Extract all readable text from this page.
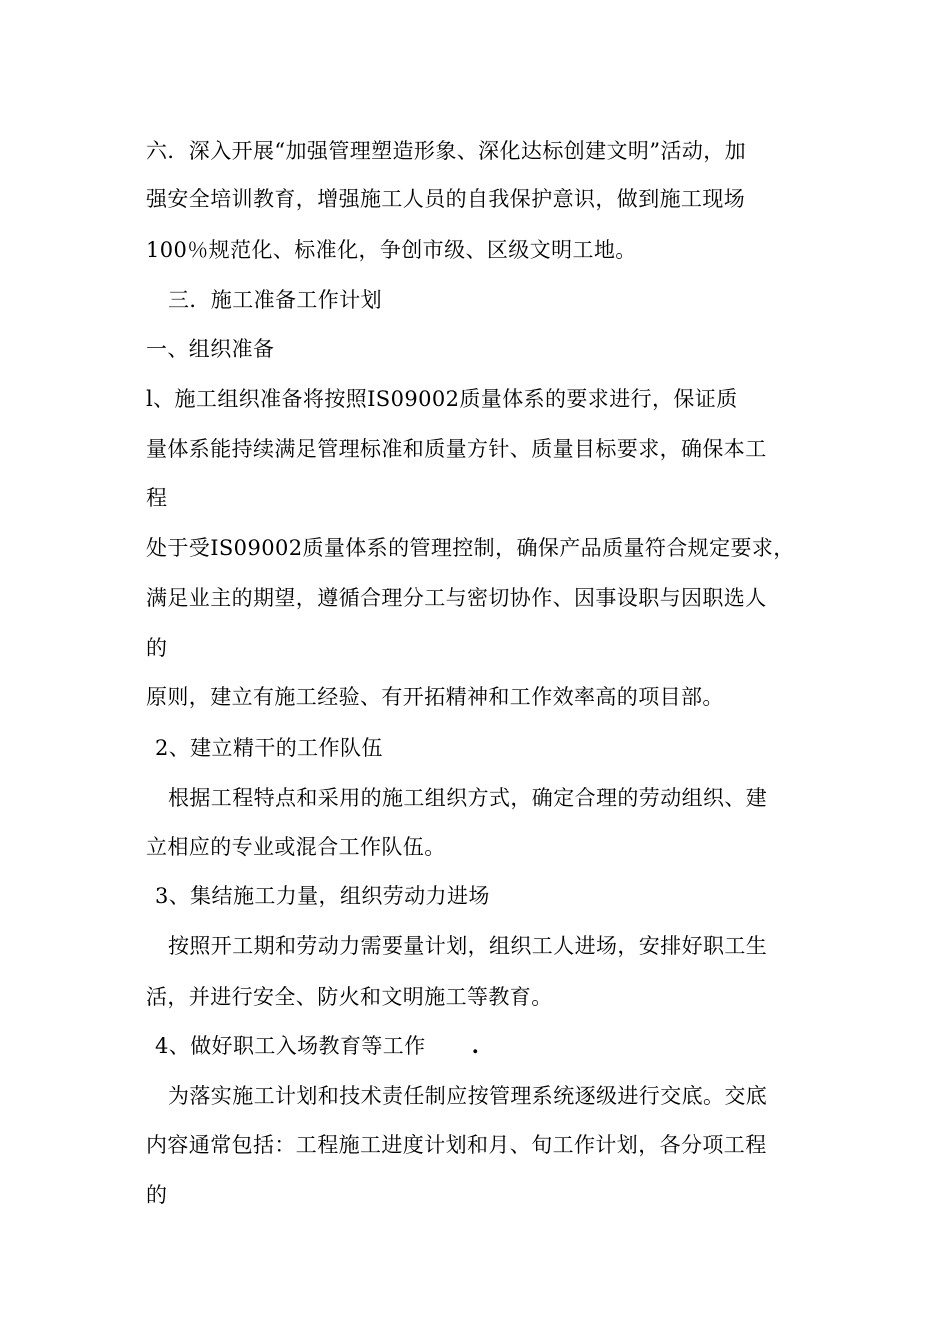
六．深入开展“加强管理塑造形象、深化达标创建文明”活动，加
强安全培训教育，增强施工人员的自我保护意识，做到施工现场
100％规范化、标准化，争创市级、区级文明工地。
三．施工准备工作计划
一、组织准备
l、施工组织准备将按照IS09002质量体系的要求进行，保证质
量体系能持续满足管理标准和质量方针、质量目标要求，确保本工
程
处于受IS09002质量体系的管理控制，确保产品质量符合规定要求，
满足业主的期望，遵循合理分工与密切协作、因事设职与因职选人
的
原则，建立有施工经验、有开拓精神和工作效率高的项目部。
2、建立精干的工作队伍
根据工程特点和采用的施工组织方式，确定合理的劳动组织、建
立相应的专业或混合工作队伍。
3、集结施工力量，组织劳动力进场
按照开工期和劳动力需要量计划，组织工人进场，安排好职工生
活，并进行安全、防火和文明施工等教育。
4、做好职工入场教育等工作 .
为落实施工计划和技术责任制应按管理系统逐级进行交底。交底
内容通常包括：工程施工进度计划和月、旬工作计划，各分项工程
的
